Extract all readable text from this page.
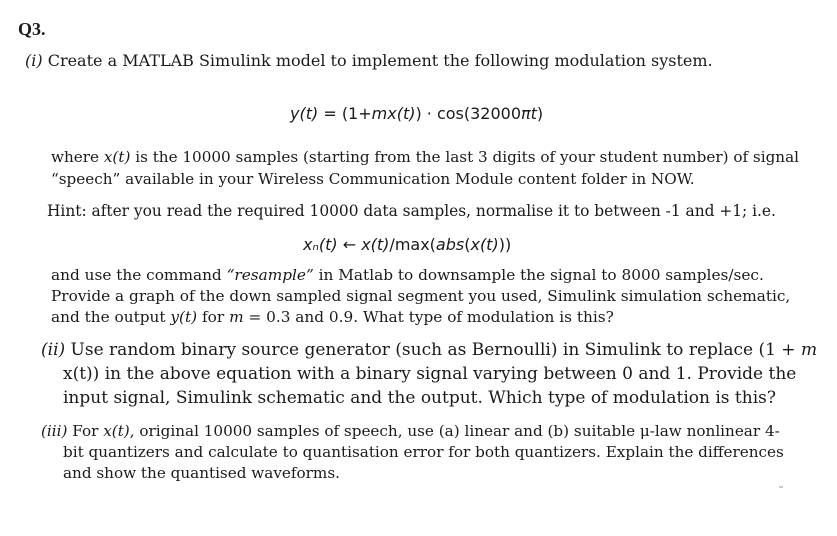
Q3.
(i) Create a MATLAB Simulink model to implement the following modulation system.
y(t) = (1+mx(t)) · cos(32000πt)
where x(t) is the 10000 samples (starting from the last 3 digits of your student number) of signal
“speech” available in your Wireless Communication Module content folder in NOW.
Hint: after you read the required 10000 data samples, normalise it to between -1 and +1; i.e.
xₙ(t) ← x(t)/max(abs(x(t)))
and use the command “resample” in Matlab to downsample the signal to 8000 samples/sec.
Provide a graph of the down sampled signal segment you used, Simulink simulation schematic,
and the output y(t) for m = 0.3 and 0.9. What type of modulation is this?
(ii) Use random binary source generator (such as Bernoulli) in Simulink to replace (1 + m
x(t)) in the above equation with a binary signal varying between 0 and 1. Provide the
input signal, Simulink schematic and the output. Which type of modulation is this?
(iii) For x(t), original 10000 samples of speech, use (a) linear and (b) suitable μ-law nonlinear 4-
bit quantizers and calculate to quantisation error for both quantizers. Explain the differences
and show the quantised waveforms.
